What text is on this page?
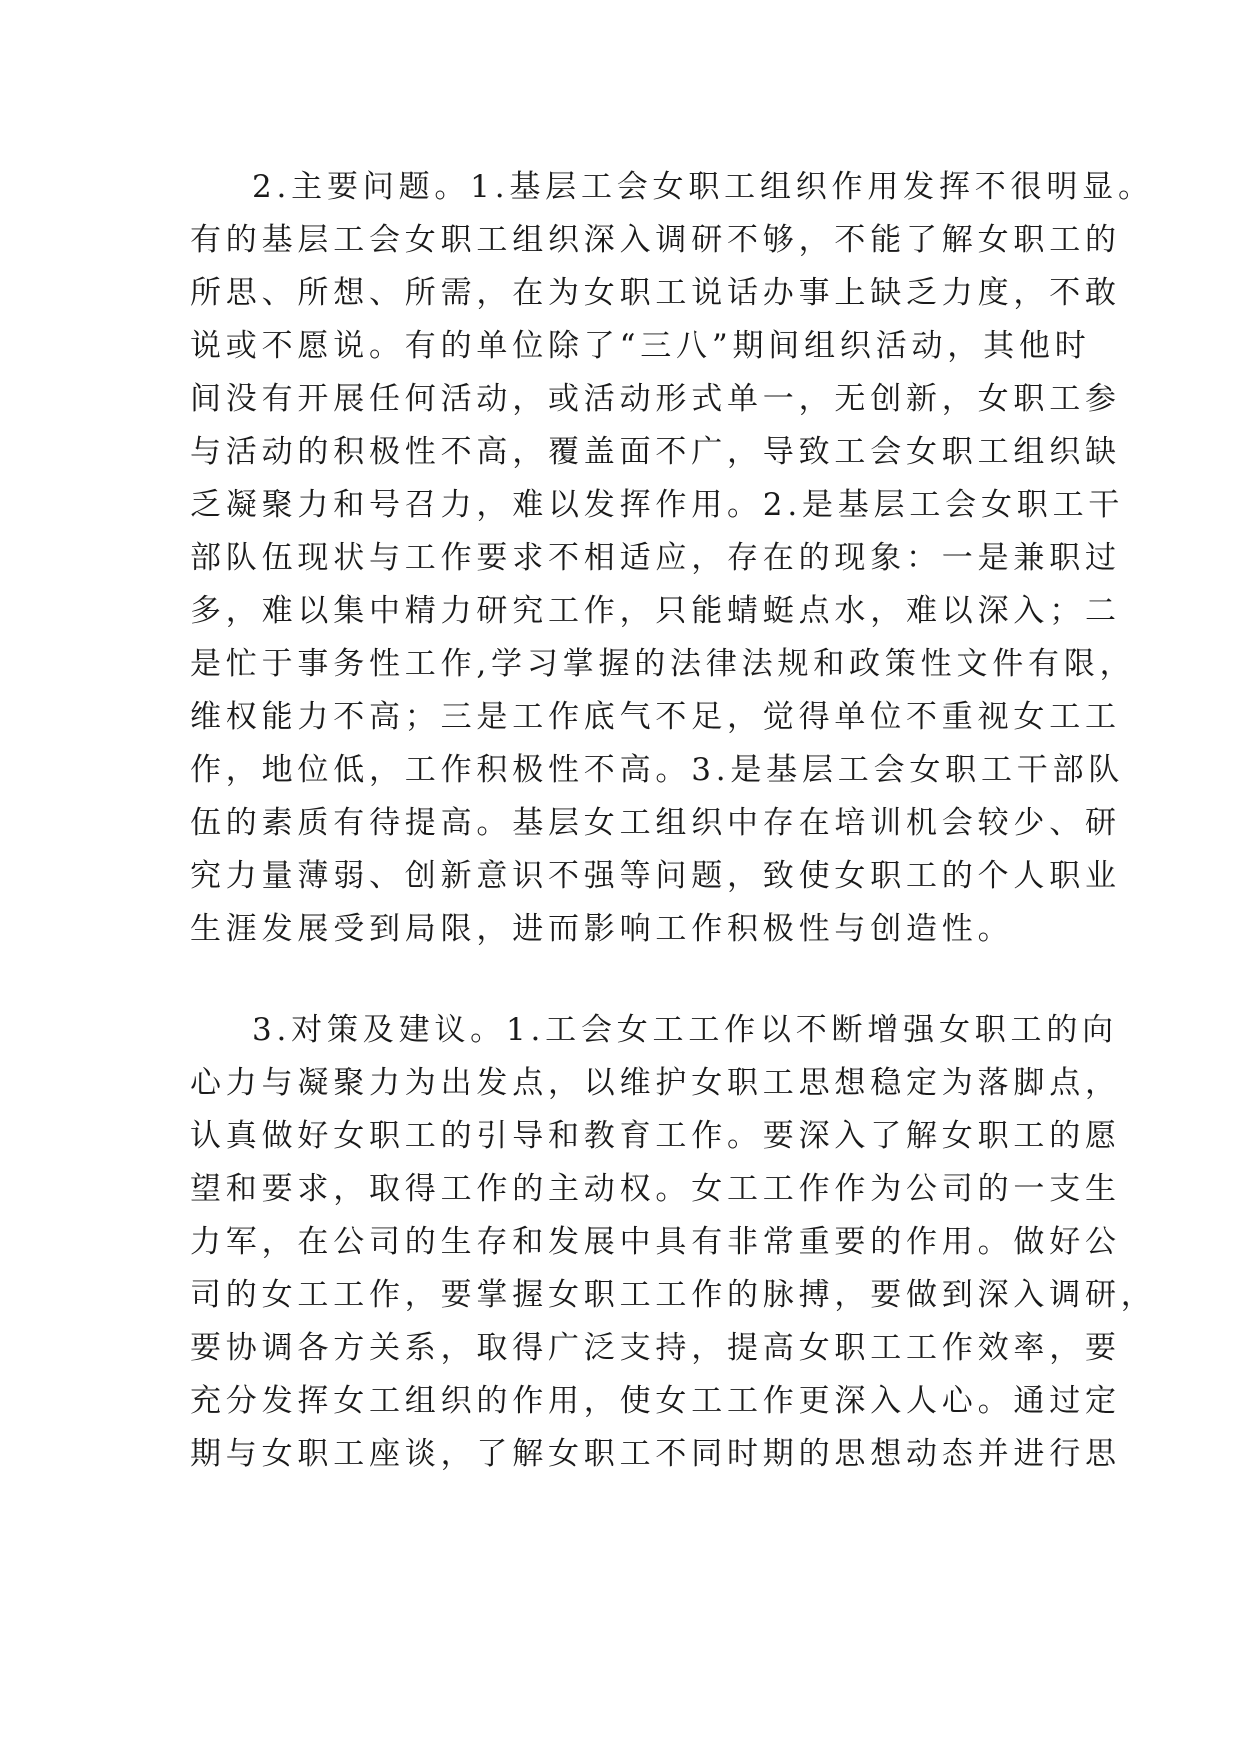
2.主要问题。1.基层工会女职工组织作用发挥不很明显。
有的基层工会女职工组织深入调研不够，不能了解女职工的
所思、所想、所需，在为女职工说话办事上缺乏力度，不敢
说或不愿说。有的单位除了“三八”期间组织活动，其他时
间没有开展任何活动，或活动形式单一，无创新，女职工参
与活动的积极性不高，覆盖面不广，导致工会女职工组织缺
乏凝聚力和号召力，难以发挥作用。2.是基层工会女职工干
部队伍现状与工作要求不相适应，存在的现象：一是兼职过
多，难以集中精力研究工作，只能蜻蜓点水，难以深入；二
是忙于事务性工作,学习掌握的法律法规和政策性文件有限，
维权能力不高；三是工作底气不足，觉得单位不重视女工工
作，地位低，工作积极性不高。3.是基层工会女职工干部队
伍的素质有待提高。基层女工组织中存在培训机会较少、研
究力量薄弱、创新意识不强等问题，致使女职工的个人职业
生涯发展受到局限，进而影响工作积极性与创造性。
3.对策及建议。1.工会女工工作以不断增强女职工的向
心力与凝聚力为出发点，以维护女职工思想稳定为落脚点，
认真做好女职工的引导和教育工作。要深入了解女职工的愿
望和要求，取得工作的主动权。女工工作作为公司的一支生
力军，在公司的生存和发展中具有非常重要的作用。做好公
司的女工工作，要掌握女职工工作的脉搏，要做到深入调研，
要协调各方关系，取得广泛支持，提高女职工工作效率，要
充分发挥女工组织的作用，使女工工作更深入人心。通过定
期与女职工座谈，了解女职工不同时期的思想动态并进行思
